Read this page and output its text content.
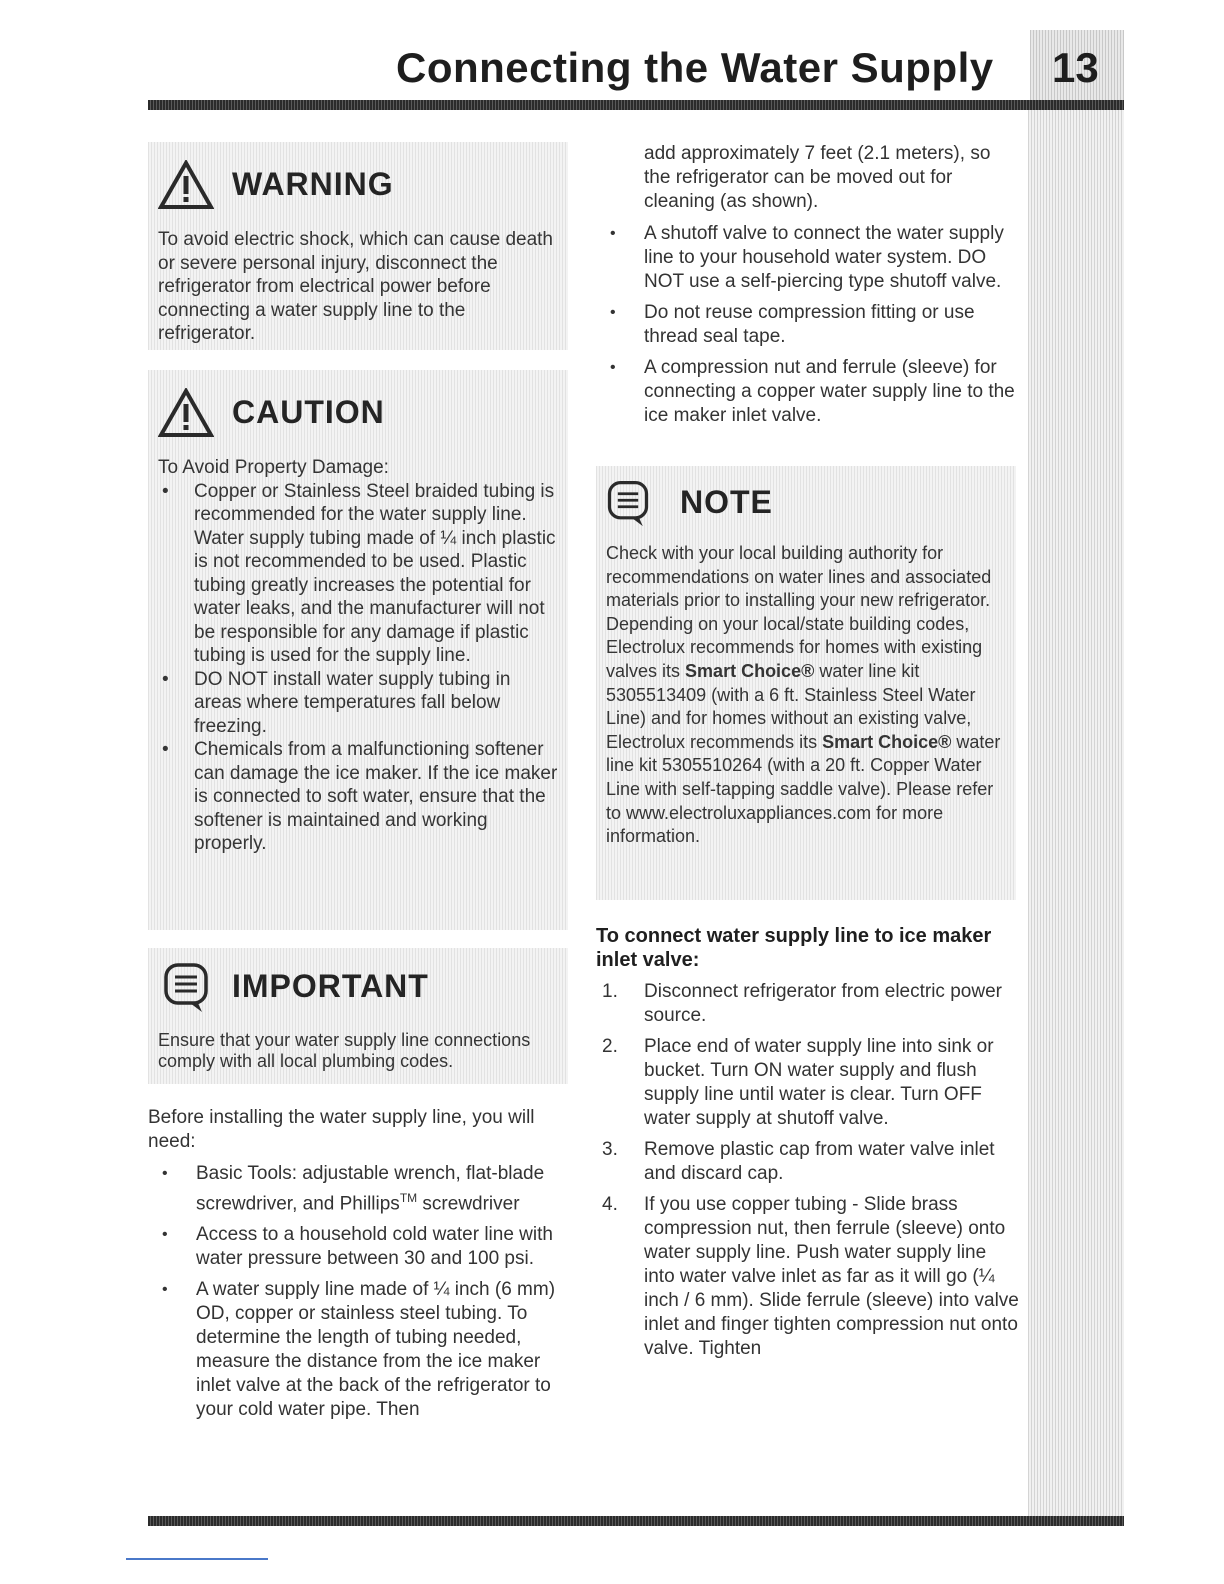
Connecting the Water Supply 13
WARNING
To avoid electric shock, which can cause death or severe personal injury, disconnect the refrigerator from electrical power before connecting a water supply line to the refrigerator.
CAUTION

To Avoid Property Damage:

• Copper or Stainless Steel braided tubing is recommended for the water supply line. Water supply tubing made of ¼ inch plastic is not recommended to be used. Plastic tubing greatly increases the potential for water leaks, and the manufacturer will not be responsible for any damage if plastic tubing is used for the supply line.
• DO NOT install water supply tubing in areas where temperatures fall below freezing.
• Chemicals from a malfunctioning softener can damage the ice maker. If the ice maker is connected to soft water, ensure that the softener is maintained and working properly.
IMPORTANT
Ensure that your water supply line connections comply with all local plumbing codes.

Before installing the water supply line, you will need:

• Basic Tools: adjustable wrench, flat-blade screwdriver, and Phillips™ screwdriver
• Access to a household cold water line with water pressure between 30 and 100 psi.
• A water supply line made of ¼ inch (6 mm) OD, copper or stainless steel tubing. To determine the length of tubing needed, measure the distance from the ice maker inlet valve at the back of the refrigerator to your cold water pipe. Then

add approximately 7 feet (2.1 meters), so the refrigerator can be moved out for cleaning (as shown).

• A shutoff valve to connect the water supply line to your household water system. DO NOT use a self-piercing type shutoff valve.
• Do not reuse compression fitting or use thread seal tape.
• A compression nut and ferrule (sleeve) for connecting a copper water supply line to the ice maker inlet valve.
NOTE
Check with your local building authority for recommendations on water lines and associated materials prior to installing your new refrigerator. Depending on your local/state building codes, Electrolux recommends for homes with existing valves its Smart Choice® water line kit 5305513409 (with a 6 ft. Stainless Steel Water Line) and for homes without an existing valve, Electrolux recommends its Smart Choice® water line kit 5305510264 (with a 20 ft. Copper Water Line with self-tapping saddle valve). Please refer to www.electroluxappliances.com for more information.

To connect water supply line to ice maker inlet valve:

1. Disconnect refrigerator from electric power source.
2. Place end of water supply line into sink or bucket. Turn ON water supply and flush supply line until water is clear. Turn OFF water supply at shutoff valve.
3. Remove plastic cap from water valve inlet and discard cap.
4. If you use copper tubing - Slide brass compression nut, then ferrule (sleeve) onto water supply line. Push water supply line into water valve inlet as far as it will go (¼ inch / 6 mm). Slide ferrule (sleeve) into valve inlet and finger tighten compression nut onto valve. Tighten
